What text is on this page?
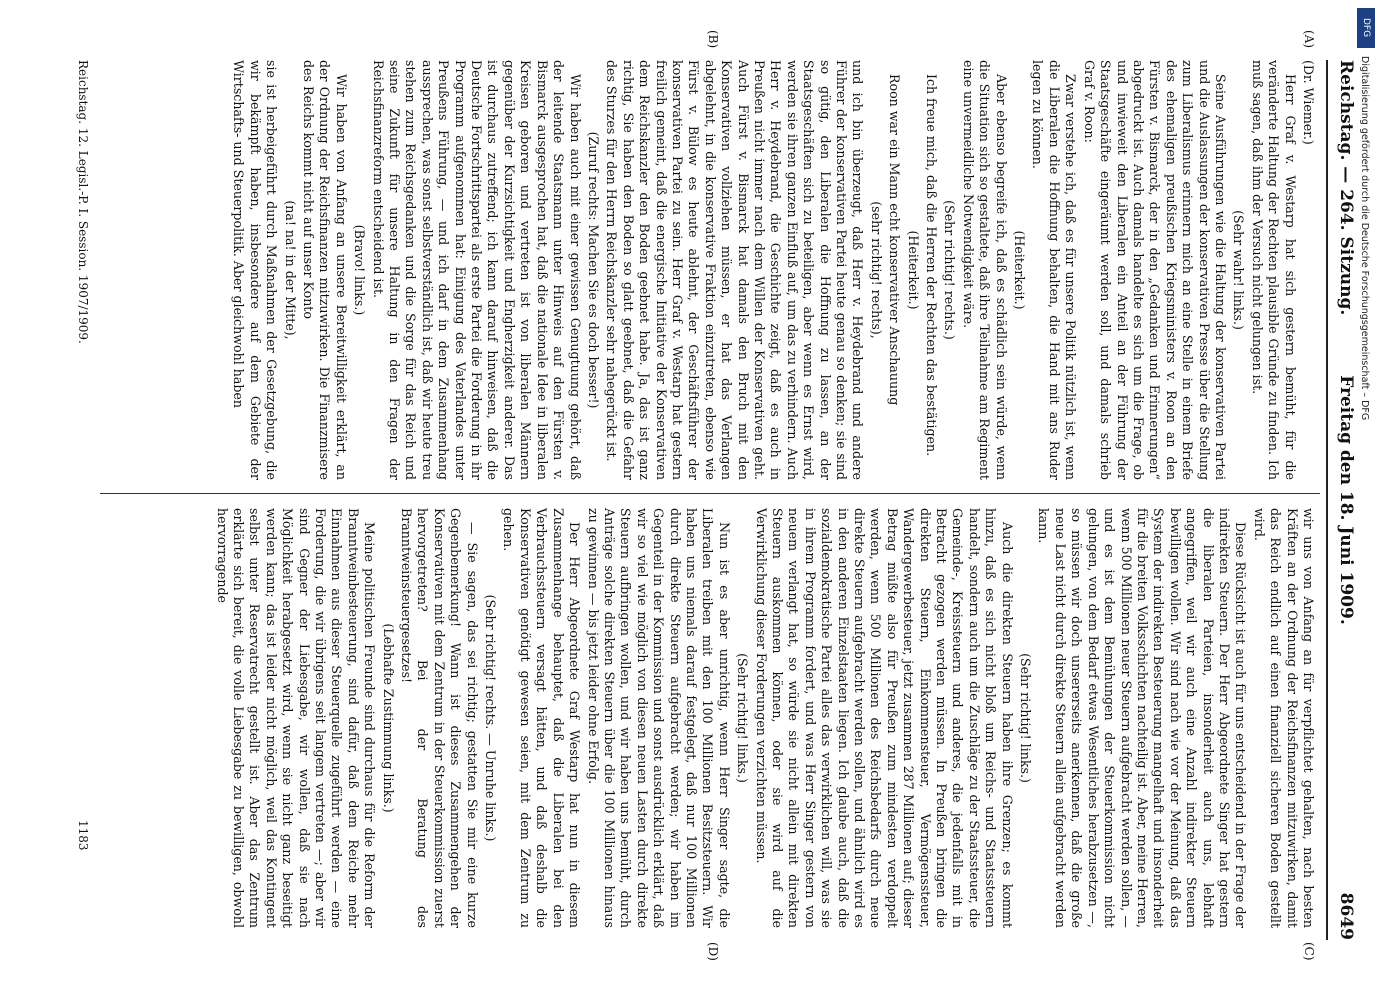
Reichstag. — 264. Sitzung.
Freitag den 18. Juni 1909.
8649

(Dr. Wiemer.)

Herr Graf v. Westarp hat sich gestern bemüht, für die veränderte Haltung der Rechten plausible Gründe zu finden. Ich muß sagen, daß ihm der Versuch nicht gelungen ist.

(Sehr wahr! links.)

Seine Ausführungen wie die Haltung der konservativen Partei und die Auslassungen der konservativen Presse über die Stellung zum Liberalismus erinnern mich an eine Stelle in einem Briefe des ehemaligen preußischen Kriegsministers v. Roon an den Fürsten v. Bismarck, der in den „Gedanken und Erinnerungen“ abgedruckt ist. Auch damals handelte es sich um die Frage, ob und inwieweit den Liberalen ein Anteil an der Führung der Staatsgeschäfte eingeräumt werden soll, und damals schrieb Graf v. Roon:

Zwar verstehe ich, daß es für unsere Politik nützlich ist, wenn die Liberalen die Hoffnung behalten, die Hand mit ans Ruder legen zu können.

(Heiterkeit.)

Aber ebenso begreife ich, daß es schädlich sein würde, wenn die Situation sich so gestaltete, daß ihre Teilnahme am Regiment eine unvermeidliche Notwendigkeit wäre.

(Sehr richtig! rechts.)

Ich freue mich, daß die Herren der Rechten das bestätigen.

(Heiterkeit.)

Roon war ein Mann echt konservativer Anschauung

(sehr richtig! rechts),

und ich bin überzeugt, daß Herr v. Heydebrand und andere Führer der konservativen Partei heute genau so denken; sie sind so gütig, den Liberalen die Hoffnung zu lassen, an der Staatsgeschäften sich zu beteiligen, aber wenn es Ernst wird, werden sie ihren ganzen Einfluß auf, um das zu verhindern. Auch Herr v. Heydebrand, die Geschichte zeigt, daß es auch in Preußen nicht immer nach dem Willen der Konservativen geht. Auch Fürst v. Bismarck hat damals den Bruch mit den Konservativen vollziehen müssen, er hat das Verlangen abgelehnt, in die konservative Fraktion einzutreten, ebenso wie Fürst v. Bülow es heute ablehnt, der Geschäftsführer der konservativen Partei zu sein. Herr Graf v. Westarp hat gestern freilich gemeint, daß die energische Initiative der Konservativen dem Reichskanzler den Boden geebnet habe. Ja, das ist ganz richtig, Sie haben den Boden so glatt geebnet, daß die Gefahr des Sturzes für den Herrn Reichskanzler sehr nahegerückt ist.

(Zuruf rechts: Machen Sie es doch besser!)

Wir haben auch mit einer gewissen Genugtuung gehört, daß der leitende Staatsmann unter Hinweis auf den Fürsten v. Bismarck ausgesprochen hat, daß die nationale Idee in liberalen Kreisen geboren und vertreten ist von liberalen Männern gegenüber der Kurzsichtigkeit und Engherzigkeit anderer. Das ist durchaus zutreffend; ich kann darauf hinweisen, daß die Deutsche Fortschrittspartei als erste Partei die Forderung in ihr Programm aufgenommen hat: Einigung des Vaterlandes unter Preußens Führung, — und ich darf in dem Zusammenhang aussprechen, was sonst selbstverständlich ist, daß wir heute treu stehen zum Reichsgedanken und die Sorge für das Reich und seine Zukunft für unsere Haltung in den Fragen der Reichsfinanzreform entscheidend ist.

(Bravo! links.)

Wir haben von Anfang an unsere Bereitwilligkeit erklärt, an der Ordnung der Reichsfinanzen mitzuwirken. Die Finanzmisere des Reichs kommt nicht auf unser Konto

(na! na! in der Mitte),

sie ist herbeigeführt durch Maßnahmen der Gesetzgebung, die wir bekämpft haben, insbesondere auf dem Gebiete der Wirtschafts- und Steuerpolitik. Aber gleichwohl haben

wir uns von Anfang an für verpflichtet gehalten, nach besten Kräften an der Ordnung der Reichsfinanzen mitzuwirken, damit das Reich endlich auf einen finanziell sicheren Boden gestellt wird.

Diese Rücksicht ist auch für uns entscheidend in der Frage der indirekten Steuern. Der Herr Abgeordnete Singer hat gestern die liberalen Parteien, insonderheit auch uns, lebhaft angegriffen, weil wir auch eine Anzahl indirekter Steuern bewilligen wollen. Wir sind nach wie vor der Meinung, daß das System der indirekten Besteuerung mangelhaft und insonderheit für die breiten Volksschichten nachteilig ist. Aber, meine Herren, wenn 500 Millionen neuer Steuern aufgebracht werden sollen, — und es ist dem Bemühungen der Steuerkommission nicht gelungen, von dem Bedarf etwas Wesentliches herabzusetzen —, so müssen wir doch unsererseits anerkennen, daß die große neue Last nicht durch direkte Steuern allein aufgebracht werden kann.

(Sehr richtig! links.)

Auch die direkten Steuern haben ihre Grenzen; es kommt hinzu, daß es sich nicht bloß um Reichs- und Staatssteuern handelt, sondern auch um die Zuschläge zu der Staatssteuer, die Gemeinde-, Kreissteuern und anderes, die jedenfalls mit in Betracht gezogen werden müssen. In Preußen bringen die direkten Steuern, Einkommensteuer, Vermögenssteuer, Wandergewerbesteuer, jetzt zusammen 287 Millionen auf; dieser Betrag müßte also für Preußen zum mindesten verdoppelt werden, wenn 500 Millionen des Reichsbedarfs durch neue direkte Steuern aufgebracht werden sollen, und ähnlich wird es in den anderen Einzelstaaten liegen. Ich glaube auch, daß die sozialdemokratische Partei alles das verwirklichen will, was sie in ihrem Programm fordert, und was Herr Singer gestern von neuem verlangt hat, so würde sie nicht allein mit direkten Steuern auskommen können, oder sie wird auf die Verwirklichung dieser Forderungen verzichten müssen.

(Sehr richtig! links.)

Nun ist es aber unrichtig, wenn Herr Singer sagte, die Liberalen treiben mit den 100 Millionen Besitzsteuern. Wir haben uns niemals darauf festgelegt, daß nur 100 Millionen durch direkte Steuern aufgebracht werden; wir haben im Gegenteil in der Kommission und sonst ausdrücklich erklärt, daß wir so viel wie möglich von diesen neuen Lasten durch direkte Steuern aufbringen wollen, und wir haben uns bemüht, durch Anträge solche direkten Steuern über die 100 Millionen hinaus zu gewinnen — bis jetzt leider ohne Erfolg.

Der Herr Abgeordnete Graf Westarp hat nun in diesem Zusammenhange behauptet, daß die Liberalen bei den Verbrauchssteuern versagt hätten, und daß deshalb die Konservativen genötigt gewesen seien, mit dem Zentrum zu gehen.

(Sehr richtig! rechts. — Unruhe links.)

— Sie sagen, das sei richtig; gestatten Sie mir eine kurze Gegenbemerkung! Wann ist dieses Zusammengehen der Konservativen mit dem Zentrum in der Steuerkommission zuerst hervorgetreten? Bei der Beratung des Branntweinsteuergesetzes!

(Lebhafte Zustimmung links.)

Meine politischen Freunde sind durchaus für die Reform der Branntweinbesteuerung, sind dafür, daß dem Reiche mehr Einnahmen aus dieser Steuerquelle zugeführt werden — eine Forderung, die wir übrigens seit langem vertreten —; aber wir sind Gegner der Liebesgabe, wir wollen, daß sie nach Möglichkeit herabgesetzt wird, wenn sie nicht ganz beseitigt werden kann; das ist leider nicht möglich, weil das Kontingent selbst unter Reservatrecht gestellt ist. Aber das Zentrum erklärte sich bereit, die volle Liebesgabe zu bewilligen, obwohl hervorragende

(A)
(B)
(C)
(D)
Reichstag. 12. Legisl.-P. I. Session. 1907/1909.
1183
DFG
Digitalisierung gefördert durch die Deutsche Forschungsgemeinschaft – DFG
